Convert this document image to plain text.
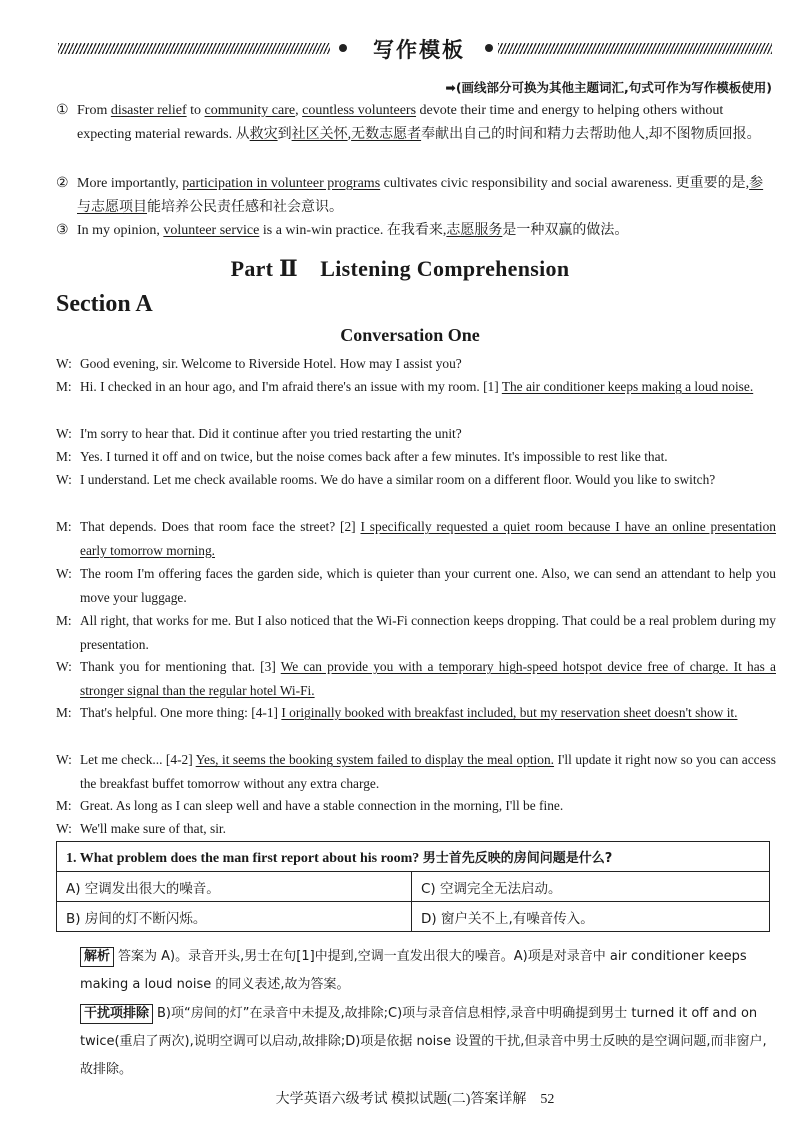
写作模板
➡(画线部分可换为其他主题词汇,句式可作为写作模板使用)
① From disaster relief to community care, countless volunteers devote their time and energy to helping others without expecting material rewards. 从救灾到社区关怀,无数志愿者奉献出自己的时间和精力去帮助他人,却不图物质回报。
② More importantly, participation in volunteer programs cultivates civic responsibility and social awareness. 更重要的是,参与志愿项目能培养公民责任感和社会意识。
③ In my opinion, volunteer service is a win-win practice. 在我看来,志愿服务是一种双赢的做法。
Part Ⅱ　Listening Comprehension
Section A
Conversation One
W: Good evening, sir. Welcome to Riverside Hotel. How may I assist you?
M: Hi. I checked in an hour ago, and I'm afraid there's an issue with my room. [1] The air conditioner keeps making a loud noise.
W: I'm sorry to hear that. Did it continue after you tried restarting the unit?
M: Yes. I turned it off and on twice, but the noise comes back after a few minutes. It's impossible to rest like that.
W: I understand. Let me check available rooms. We do have a similar room on a different floor. Would you like to switch?
M: That depends. Does that room face the street? [2] I specifically requested a quiet room because I have an online presentation early tomorrow morning.
W: The room I'm offering faces the garden side, which is quieter than your current one. Also, we can send an attendant to help you move your luggage.
M: All right, that works for me. But I also noticed that the Wi-Fi connection keeps dropping. That could be a real problem during my presentation.
W: Thank you for mentioning that. [3] We can provide you with a temporary high-speed hotspot device free of charge. It has a stronger signal than the regular hotel Wi-Fi.
M: That's helpful. One more thing: [4-1] I originally booked with breakfast included, but my reservation sheet doesn't show it.
W: Let me check... [4-2] Yes, it seems the booking system failed to display the meal option. I'll update it right now so you can access the breakfast buffet tomorrow without any extra charge.
M: Great. As long as I can sleep well and have a stable connection in the morning, I'll be fine.
W: We'll make sure of that, sir.
1. What problem does the man first report about his room? 男士首先反映的房间问题是什么?	
A) 空调发出很大的噪音。	C) 空调完全无法启动。
B) 房间的灯不断闪烁。	D) 窗户关不上,有噪音传入。
解析 答案为 A)。录音开头,男士在句[1]中提到,空调一直发出很大的噪音。A)项是对录音中 air conditioner keeps making a loud noise 的同义表述,故为答案。
干扰项排除 B)项“房间的灯”在录音中未提及,故排除;C)项与录音信息相悖,录音中明确提到男士 turned it off and on twice(重启了两次),说明空调可以启动,故排除;D)项是依据 noise 设置的干扰,但录音中男士反映的是空调问题,而非窗户,故排除。
大学英语六级考试 模拟试题(二)答案详解　52
